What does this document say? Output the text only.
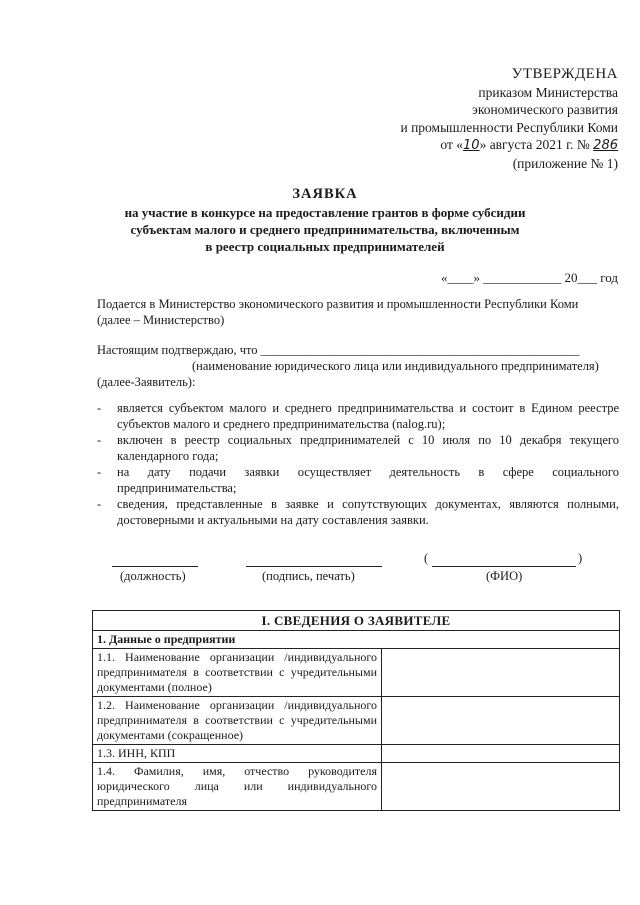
УТВЕРЖДЕНА
приказом Министерства
экономического развития
и промышленности Республики Коми
от «10» августа 2021 г. № 286
(приложение № 1)
ЗАЯВКА
на участие в конкурсе на предоставление грантов в форме субсидии
субъектам малого и среднего предпринимательства, включенным
в реестр социальных предпринимателей
«____» ____________ 20___ год
Подается в Министерство экономического развития и промышленности Республики Коми
(далее – Министерство)
Настоящим подтверждаю, что ___________________________________________________
(наименование юридического лица или индивидуального предпринимателя)
(далее-Заявитель):
- является субъектом малого и среднего предпринимательства и состоит в Едином реестре субъектов малого и среднего предпринимательства (nalog.ru);
- включен в реестр социальных предпринимателей с 10 июля по 10 декабря текущего календарного года;
- на дату подачи заявки осуществляет деятельность в сфере социального предпринимательства;
- сведения, представленные в заявке и сопутствующих документах, являются полными, достоверными и актуальными на дату составления заявки.
(должность)	(подпись, печать)
(	)
(ФИО)
I. СВЕДЕНИЯ О ЗАЯВИТЕЛЕ	
1. Данные о предприятии	
1.1. Наименование организации /индивидуального предпринимателя в соответствии с учредительными
документами (полное)	

1.2. Наименование организации /индивидуального предпринимателя в соответствии с учредительными
документами (сокращенное)	

1.3. ИНН, КПП	

1.4. Фамилия, имя, отчество руководителя юридического лица или индивидуального
предпринимателя	
